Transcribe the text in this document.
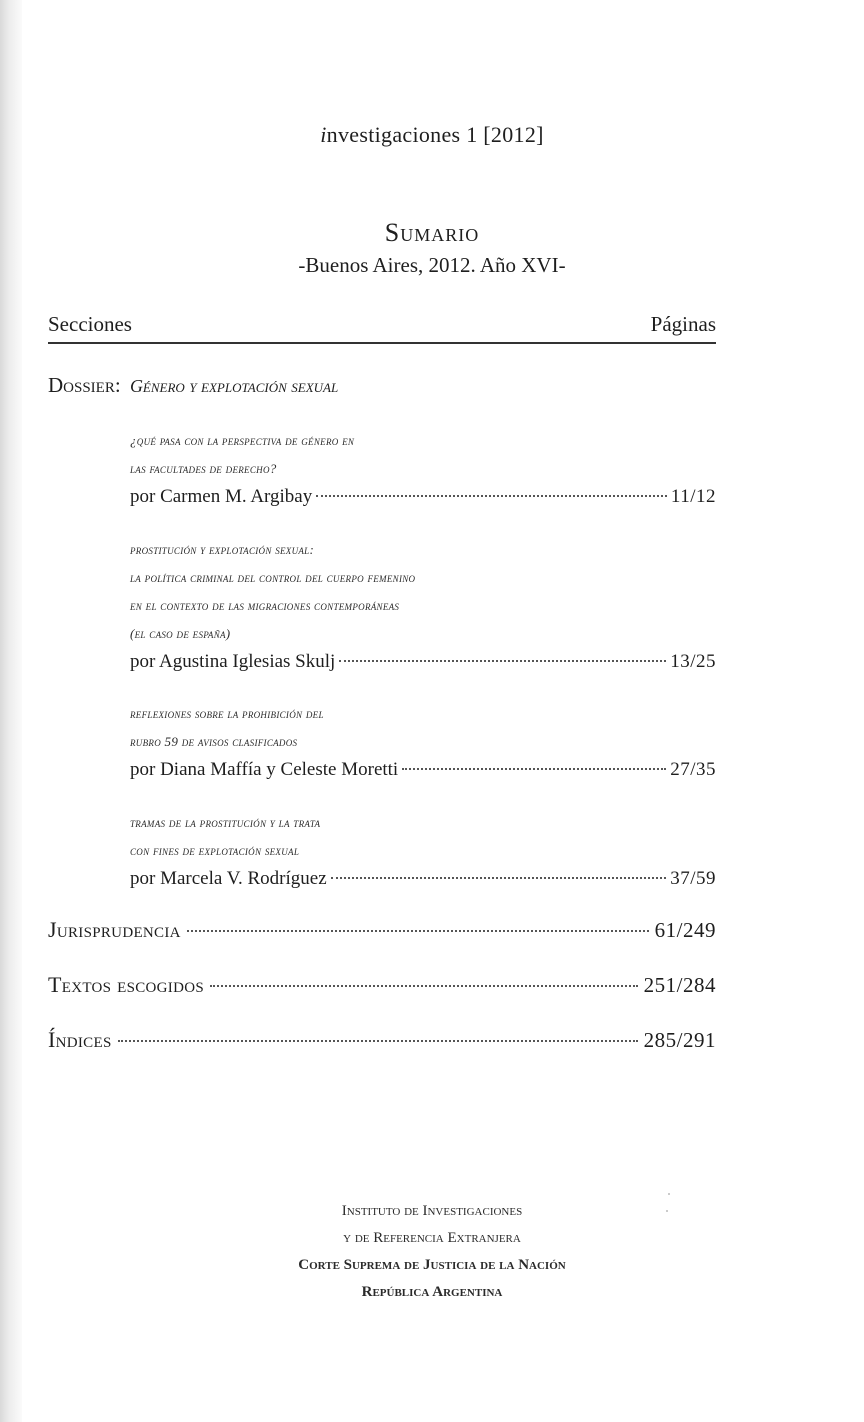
investigaciones 1 [2012]
Sumario
-Buenos Aires, 2012. Año XVI-
Secciones	Páginas
Dossier: Género y explotación sexual
¿qué pasa con la perspectiva de género en
las facultades de derecho?
por Carmen M. Argibay	11/12
prostitución y explotación sexual:
la política criminal del control del cuerpo femenino
en el contexto de las migraciones contemporáneas
(el caso de españa)
por Agustina Iglesias Skulj	13/25
reflexiones sobre la prohibición del
rubro 59 de avisos clasificados
por Diana Maffía y Celeste Moretti	27/35
tramas de la prostitución y la trata
con fines de explotación sexual
por Marcela V. Rodríguez	37/59
Jurisprudencia	61/249
Textos escogidos	251/284
Índices	285/291
Instituto de Investigaciones
y de Referencia Extranjera
Corte Suprema de Justicia de la Nación
República Argentina
